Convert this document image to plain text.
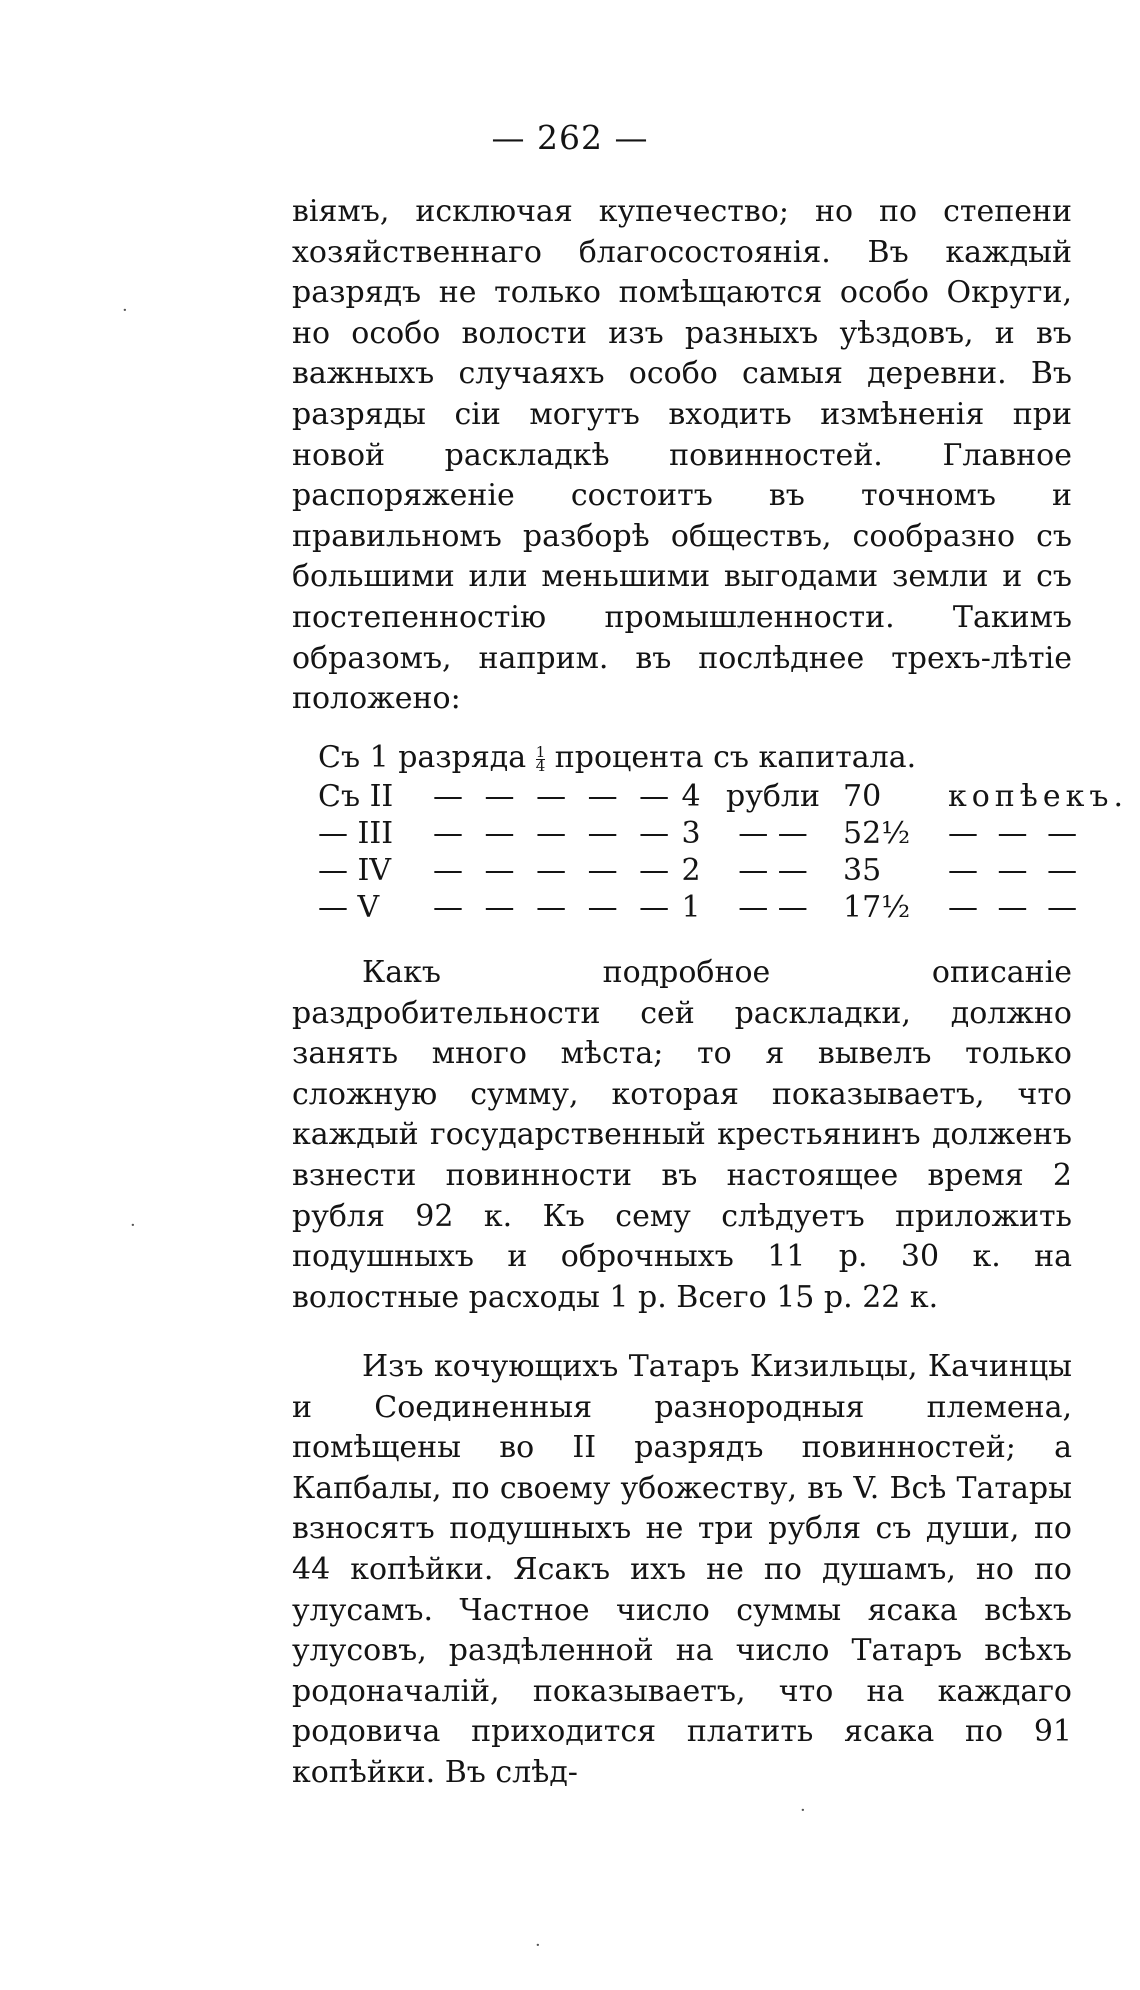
— 262 —

віямъ, исключая купечество; но по степени хозяйственнаго благосостоянія. Въ каждый разрядъ не только помѣщаются особо Округи, но особо волости изъ разныхъ уѣздовъ, и въ важныхъ случаяхъ особо самыя деревни. Въ разряды сіи могутъ входить измѣненія при новой раскладкѣ повинностей. Главное распоряженіе состоитъ въ точномъ и правильномъ разборѣ обществъ, сообразно съ большими или меньшими выгодами земли и съ постепенностію промышленности. Такимъ образомъ, наприм. въ послѣднее трехъ-лѣтіе положено:

Съ 1 разряда $\frac{1}{4}$ процента съ капитала.
Съ II	— — — — — 4 рубли 70	копѣекъ.
— III	— — — — — 3	— —	52½	— — —
— IV	— — — — — 2	— —	35	— — —
— V	— — — — — 1	— —	17½	— — —

Какъ подробное описаніе раздробительности сей раскладки, должно занять много мѣста; то я вывелъ только сложную сумму, которая показываетъ, что каждый государственный крестьянинъ долженъ взнести повинности въ настоящее время 2 рубля 92 к. Къ сему слѣдуетъ приложить подушныхъ и оброчныхъ 11 р. 30 к. на волостные расходы 1 р. Всего 15 р. 22 к.

Изъ кочующихъ Татаръ Кизильцы, Качинцы и Соединенныя разнородныя племена, помѣщены во II разрядъ повинностей; а Капбалы, по своему убожеству, въ V. Всѣ Татары взносятъ подушныхъ не три рубля съ души, по 44 копѣйки. Ясакъ ихъ не по душамъ, но по улусамъ. Частное число суммы ясака всѣхъ улусовъ, раздѣленной на число Татаръ всѣхъ родоначалій, показываетъ, что на каждаго родовича приходится платить ясака по 91 копѣйки. Въ слѣд-

·
·
·
·
